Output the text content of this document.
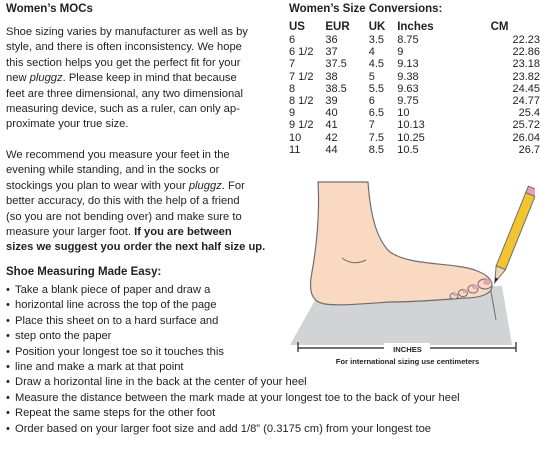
Women’s MOCs
Shoe sizing varies by manufacturer as well as by
style, and there is often inconsistency. We hope
this section helps you get the perfect fit for your
new pluggz. Please keep in mind that because
feet are three dimensional, any two dimensional
measuring device, such as a ruler, can only ap-
proximate your true size.
We recommend you measure your feet in the
evening while standing, and in the socks or
stockings you plan to wear with your pluggz. For
better accuracy, do this with the help of a friend
(so you are not bending over) and make sure to
measure your larger foot. If you are between
sizes we suggest you order the next half size up.
Shoe Measuring Made Easy:
• Take a blank piece of paper and draw a
• horizontal line across the top of the page
• Place this sheet on to a hard surface and
• step onto the paper
• Position your longest toe so it touches this
• line and make a mark at that point
• Draw a horizontal line in the back at the center of your heel
• Measure the distance between the mark made at your longest toe to the back of your heel
• Repeat the same steps for the other foot
• Order based on your larger foot size and add 1/8” (0.3175 cm) from your longest toe
Women’s Size Conversions:
US	EUR	UK	Inches	CM
6	36	3.5	8.75	22.23
6 1/2	37	4	9	22.86
7	37.5	4.5	9.13	23.18
7 1/2	38	5	9.38	23.82
8	38.5	5.5	9.63	24.45
8 1/2	39	6	9.75	24.77
9	40	6.5	10	25.4
9 1/2	41	7	10.13	25.72
10	42	7.5	10.25	26.04
11	44	8.5	10.5	26.7
INCHES
For international sizing use centimeters
